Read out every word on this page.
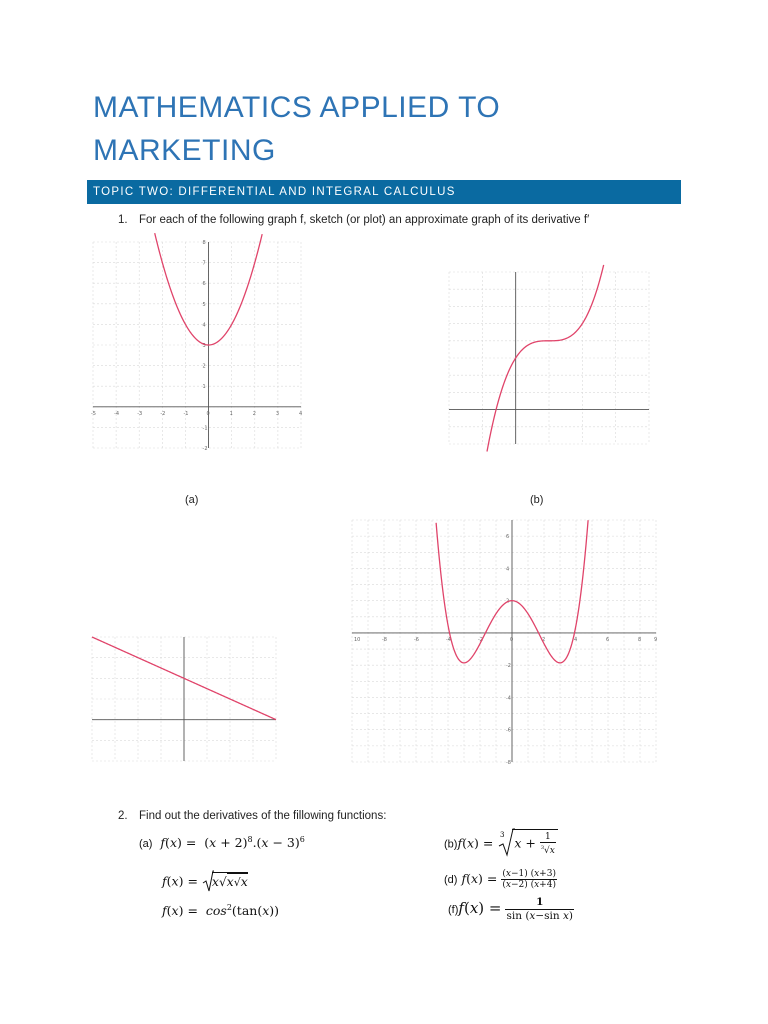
MATHEMATICS APPLIED TO
MARKETING
TOPIC TWO: DIFFERENTIAL AND INTEGRAL CALCULUS
1. For each of the following graph f, sketch (or plot) an approximate graph of its derivative f′
-5	-4	-3	-2	-1	0	1	2	3	4
8
7
6
5
4
3
2
1
-1
-2
(a)	(b)
10	-8	-6	-4	-2	0	2	4	6	8	9
6
4
2
-2
-4
-6
-8
2. Find out the derivatives of the fillowing functions:
(a) $f(x) = (x + 2)^8.(x - 3)^6$	(b)f(x) =
3
$x + \frac{1}{^3√x}$
f(x) = x√x√x	(d) $f(x) = \frac{(x-1) (x+3)}{(x-2) (x+4)}$
$f(x) = \cos^2(\tan(x))$	$(f)f(x) = \frac{1}{\text{sin (x−sin x)}}$
